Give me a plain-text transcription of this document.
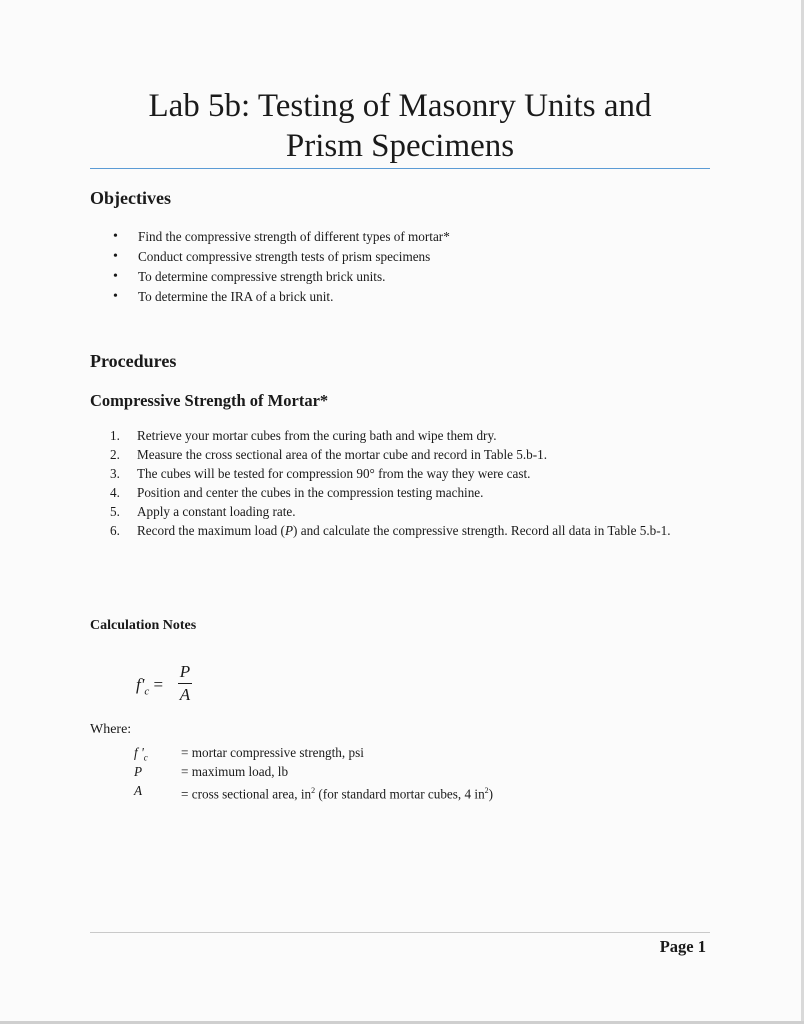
Lab 5b: Testing of Masonry Units and
Prism Specimens
Objectives
• Find the compressive strength of different types of mortar*
• Conduct compressive strength tests of prism specimens
• To determine compressive strength brick units.
• To determine the IRA of a brick unit.
Procedures
Compressive Strength of Mortar*
1. Retrieve your mortar cubes from the curing bath and wipe them dry.
2. Measure the cross sectional area of the mortar cube and record in Table 5.b-1.
3. The cubes will be tested for compression 90° from the way they were cast.
4. Position and center the cubes in the compression testing machine.
5. Apply a constant loading rate.
6. Record the maximum load (P) and calculate the compressive strength. Record all data in Table 5.b-1.
Calculation Notes
$f'_c$ =
P
A
Where:
f '$_c$	= mortar compressive strength, psi
P	= maximum load, lb
A	= cross sectional area, $in^2$ (for standard mortar cubes, 4 $in^2$)
Page 1
